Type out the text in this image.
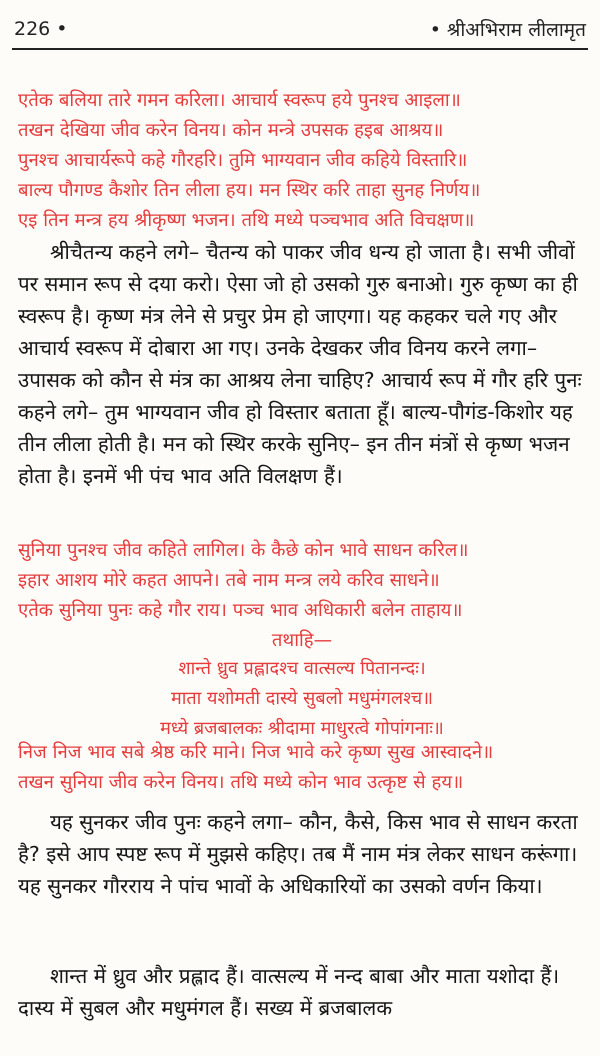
226 •	• श्रीअभिराम लीलामृत
एतेक बलिया तारे गमन करिला। आचार्य स्वरूप हये पुनश्च आइला॥
तखन देखिया जीव करेन विनय। कोन मन्त्रे उपसक हइब आश्रय॥
पुनश्च आचार्यरूपे कहे गौरहरि। तुमि भाग्यवान जीव कहिये विस्तारि॥
बाल्य पौगण्ड कैशोर तिन लीला हय। मन स्थिर करि ताहा सुनह निर्णय॥
एइ तिन मन्त्र हय श्रीकृष्ण भजन। तथि मध्ये पञ्चभाव अति विचक्षण॥

श्रीचैतन्य कहने लगे– चैतन्य को पाकर जीव धन्य हो जाता है। सभी जीवों पर समान रूप से दया करो। ऐसा जो हो उसको गुरु बनाओ। गुरु कृष्ण का ही स्वरूप है। कृष्ण मंत्र लेने से प्रचुर प्रेम हो जाएगा। यह कहकर चले गए और आचार्य स्वरूप में दोबारा आ गए। उनके देखकर जीव विनय करने लगा– उपासक को कौन से मंत्र का आश्रय लेना चाहिए? आचार्य रूप में गौर हरि पुनः कहने लगे– तुम भाग्यवान जीव हो विस्तार बताता हूँ। बाल्य-पौगंड-किशोर यह तीन लीला होती है। मन को स्थिर करके सुनिए– इन तीन मंत्रों से कृष्ण भजन होता है। इनमें भी पंच भाव अति विलक्षण हैं।

सुनिया पुनश्च जीव कहिते लागिल। के कैछे कोन भावे साधन करिल॥
इहार आशय मोरे कहत आपने। तबे नाम मन्त्र लये करिव साधने॥
एतेक सुनिया पुनः कहे गौर राय। पञ्च भाव अधिकारी बलेन ताहाय॥
तथाहि—
शान्ते ध्रुव प्रह्लादश्च वात्सल्य पितानन्दः।
माता यशोमती दास्ये सुबलो मधुमंगलश्च॥
मध्ये ब्रजबालकः श्रीदामा माधुरत्वे गोपांगनाः॥
निज निज भाव सबे श्रेष्ठ करि माने। निज भावे करे कृष्ण सुख आस्वादने॥
तखन सुनिया जीव करेन विनय। तथि मध्ये कोन भाव उत्कृष्ट से हय॥

यह सुनकर जीव पुनः कहने लगा– कौन, कैसे, किस भाव से साधन करता है? इसे आप स्पष्ट रूप में मुझसे कहिए। तब मैं नाम मंत्र लेकर साधन करूंगा। यह सुनकर गौरराय ने पांच भावों के अधिकारियों का उसको वर्णन किया।

शान्त में ध्रुव और प्रह्लाद हैं। वात्सल्य में नन्द बाबा और माता यशोदा हैं। दास्य में सुबल और मधुमंगल हैं। सख्य में ब्रजबालक
